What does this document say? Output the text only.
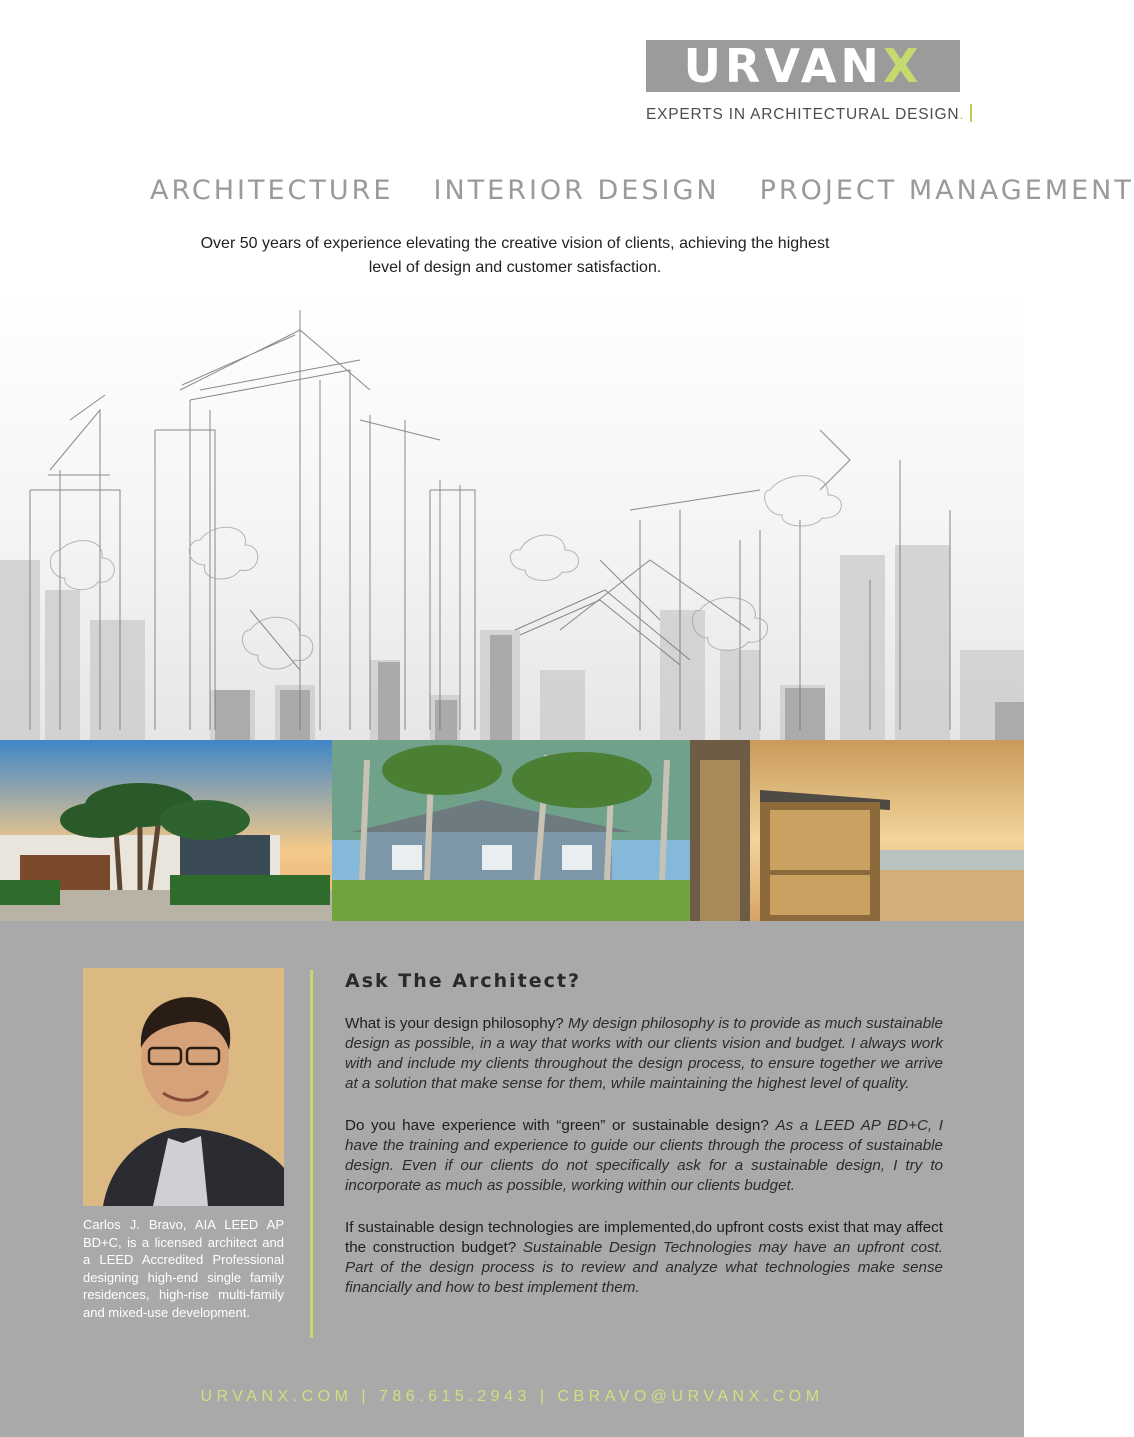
URVAN X
EXPERTS IN ARCHITECTURAL DESIGN.
ARCHITECTURE INTERIOR DESIGN PROJECT MANAGEMENT
Over 50 years of experience elevating the creative vision of clients, achieving the highest level of design and customer satisfaction.
Carlos J. Bravo, AIA LEED AP BD+C, is a licensed architect and a LEED Accredited Professional designing high-end single family residences, high-rise multi-family and mixed-use development.
Ask The Architect?

What is your design philosophy? My design philosophy is to provide as much sustainable design as possible, in a way that works with our clients vision and budget. I always work with and include my clients throughout the design process, to ensure together we arrive at a solution that make sense for them, while maintaining the highest level of quality.

Do you have experience with “green” or sustainable design? As a LEED AP BD+C, I have the training and experience to guide our clients through the process of sustainable design. Even if our clients do not specifically ask for a sustainable design, I try to incorporate as much as possible, working within our clients budget.

If sustainable design technologies are implemented,do upfront costs exist that may affect the construction budget? Sustainable Design Technologies may have an upfront cost. Part of the design process is to review and analyze what technologies make sense financially and how to best implement them.

URVANX.COM | 786.615.2943 | CBRAVO@URVANX.COM
